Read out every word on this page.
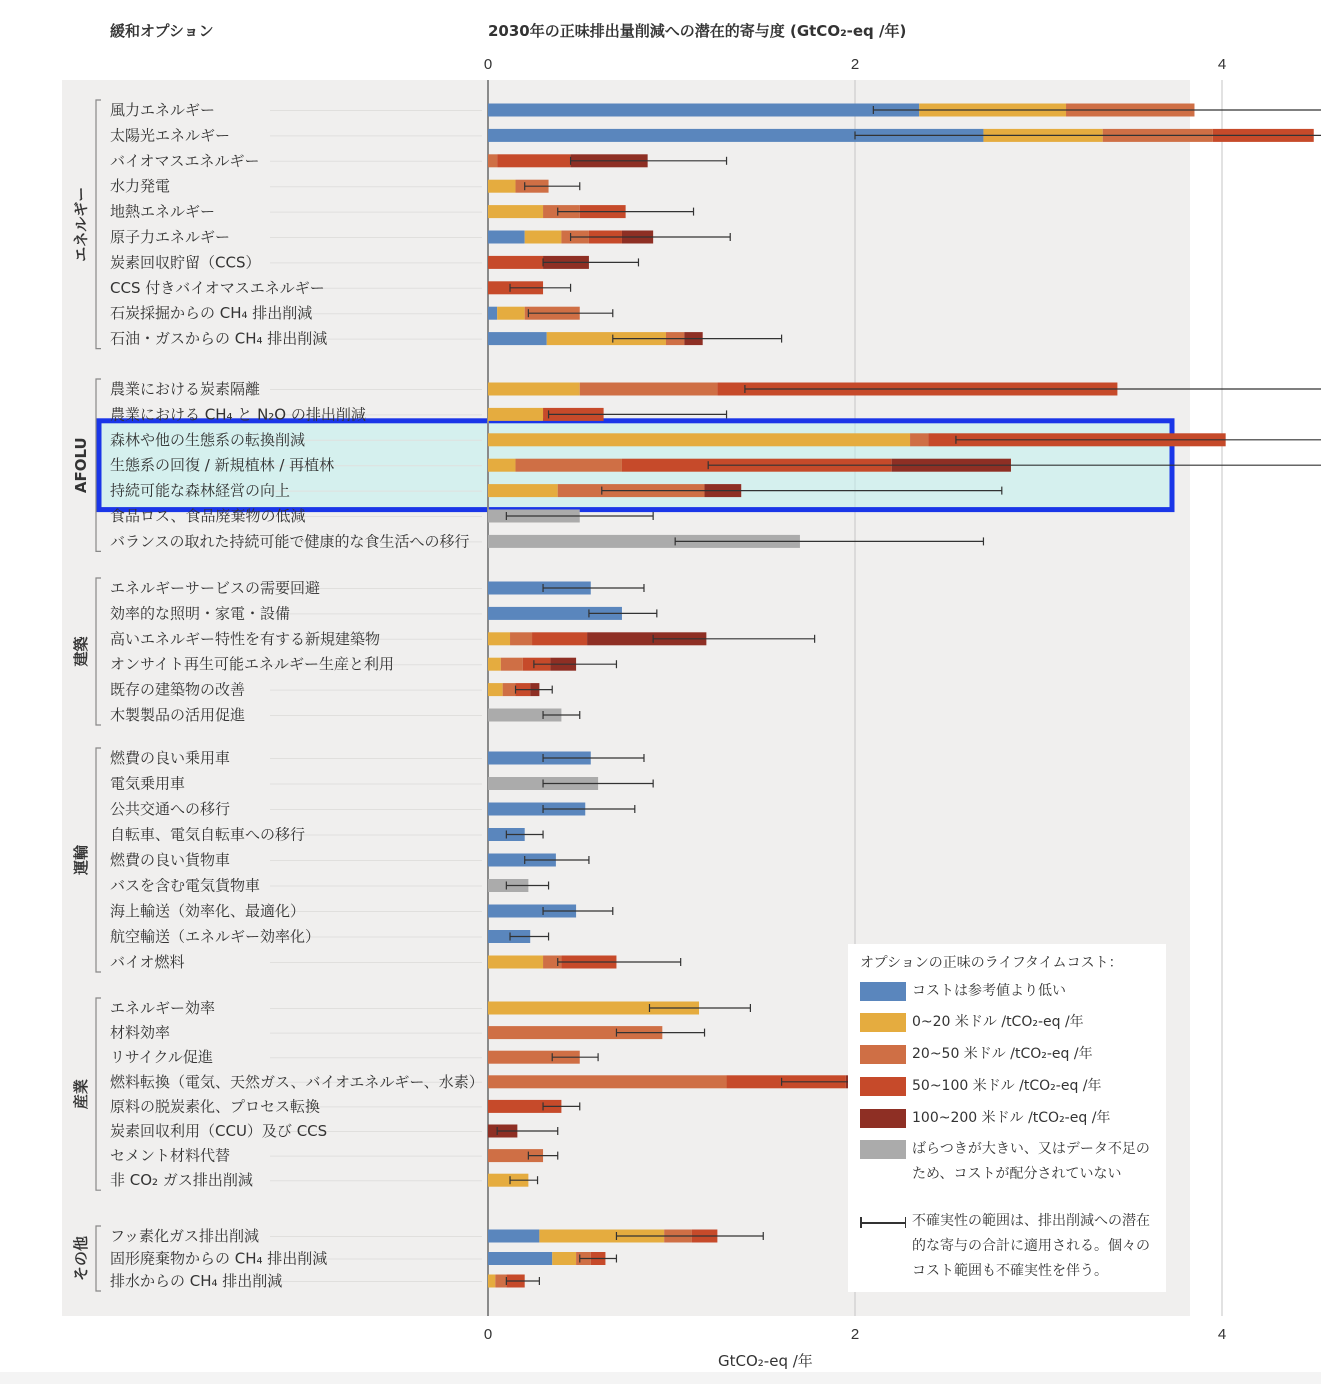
0
0
2
2
4
4
エネルギー
風力エネルギー
太陽光エネルギー
バイオマスエネルギー
水力発電
地熱エネルギー
原子力エネルギー
炭素回収貯留（CCS）
CCS 付きバイオマスエネルギー
石炭採掘からの CH₄ 排出削減
石油・ガスからの CH₄ 排出削減
AFOLU
農業における炭素隔離
農業における CH₄ と N₂O の排出削減
森林や他の生態系の転換削減
生態系の回復 / 新規植林 / 再植林
持続可能な森林経営の向上
食品ロス、食品廃棄物の低減
バランスの取れた持続可能で健康的な食生活への移行
建築
エネルギーサービスの需要回避
効率的な照明・家電・設備
高いエネルギー特性を有する新規建築物
オンサイト再生可能エネルギー生産と利用
既存の建築物の改善
木製製品の活用促進
運輸
燃費の良い乗用車
電気乗用車
公共交通への移行
自転車、電気自転車への移行
燃費の良い貨物車
バスを含む電気貨物車
海上輸送（効率化、最適化）
航空輸送（エネルギー効率化）
バイオ燃料
産業
エネルギー効率
材料効率
リサイクル促進
燃料転換（電気、天然ガス、バイオエネルギー、水素）
原料の脱炭素化、プロセス転換
炭素回収利用（CCU）及び CCS
セメント材料代替
非 CO₂ ガス排出削減
その他 フッ素化ガス排出削減
固形廃棄物からの CH₄ 排出削減
排水からの CH₄ 排出削減
緩和オプション	2030年の正味排出量削減への潜在的寄与度 (GtCO₂-eq /年)
GtCO₂-eq /年
オプションの正味のライフタイムコスト：
コストは参考値より低い
0~20 米ドル /tCO₂-eq /年
20~50 米ドル /tCO₂-eq /年
50~100 米ドル /tCO₂-eq /年
100~200 米ドル /tCO₂-eq /年
ばらつきが大きい、又はデータ不足のため、コストが配分されていない
不確実性の範囲は、排出削減への潜在的な寄与の合計に適用される。個々のコスト範囲も不確実性を伴う。
